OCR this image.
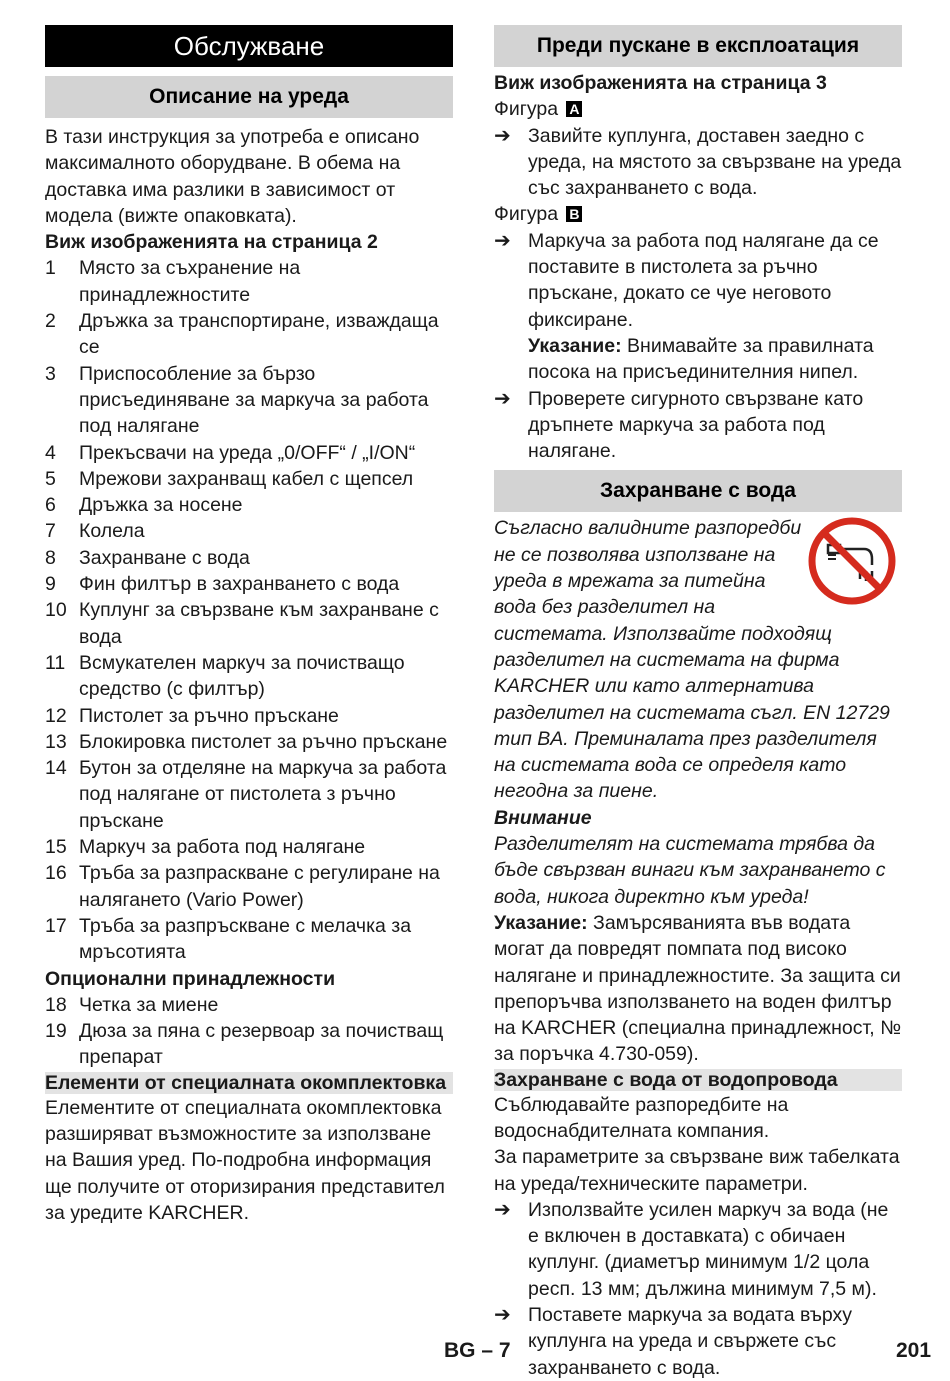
Обслужване
Описание на уреда

В тази инструкция за употреба е описано максималното оборудване. В обема на доставка има разлики в зависимост от модела (вижте опаковката).

Виж изображенията на страница 2

1	Място за съхранение на принадлежностите
2	Дръжка за транспортиране, изваждаща се
3	Приспособление за бързо присъединяване за маркуча за работа под налягане
4	Прекъсвачи на уреда „0/OFF“ / „I/ON“
5	Мрежови захранващ кабел с щепсел
6	Дръжка за носене
7	Колела
8	Захранване с вода
9	Фин филтър в захранването с вода
10 Куплунг за свързване към захранване с вода
11 Всмукателен маркуч за почистващо средство (с филтър)
12 Пистолет за ръчно пръскане
13 Блокировка пистолет за ръчно пръскане
14 Бутон за отделяне на маркуча за работа под налягане от пистолета з ръчно пръскане
15 Маркуч за работа под налягане
16 Тръба за разпраскване с регулиране на налягането (Vario Power)
17 Тръба за разпръскване с мелачка за мръсотията

Опционални принадлежности

18 Четка за миене
19 Дюза за пяна с резервоар за почистващ препарат
Елементи от специалната окомплектовка

Елементите от специалната окомплектовка разширяват възможностите за използване на Вашия уред. По-подробна информация ще получите от оторизирания представител за уредите KARCHER.

Преди пускане в експлоатация

Виж изображенията на страница 3

Фигура A

➔ Завийте куплунга, доставен заедно с уреда, на мястото за свързване на уреда със захранването с вода.

Фигура B

➔ Маркуча за работа под налягане да се поставите в пистолета за ръчно пръскане, докато се чуе неговото фиксиране.
Указание: Внимавайте за правилната посока на присъединителния нипел.
➔ Проверете сигурното свързване като дръпнете маркуча за работа под налягане.
Захранване с вода

Съгласно валидните разпоредби не се позволява използване на уреда в мрежата за питейна вода без разделител на системата. Използвайте подходящ разделител на системата на фирма KARCHER или като алтернатива разделител на системата съгл. EN 12729 тип BA. Преминалата през разделителя на системата вода се определя като негодна за пиене.

Внимание

Разделителят на системата трябва да бъде свързван винаги към захранването с вода, никога директно към уреда!

Указание: Замърсяванията във водата могат да повредят помпата под високо налягане и принадлежностите. За защита си препоръчва използването на воден филтър на KARCHER (специална принадлежност, № за поръчка 4.730-059).

Захранване с вода от водопровода

Съблюдавайте разпоредбите на водоснабдителната компания.

За параметрите за свързване виж табелката на уреда/техническите параметри.

➔ Използвайте усилен маркуч за вода (не е включен в доставката) с обичаен куплунг. (диаметър минимум 1/2 цола респ. 13 мм; дължина минимум 7,5 м).
➔ Поставете маркуча за водата върху куплунга на уреда и свържете със захранването с вода.
BG – 7	201
